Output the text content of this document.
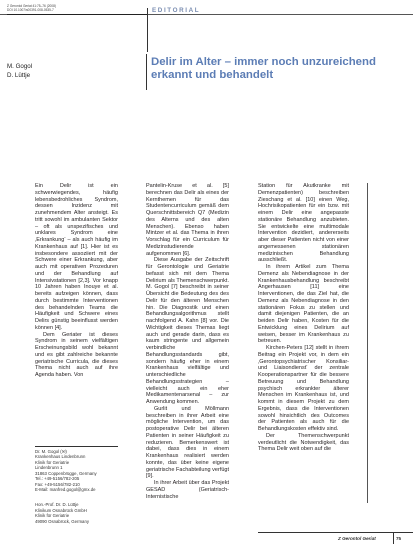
Z Gerontol Geriat 41:75–76 (2008)
DOI 10.1007/s00391-008-0535-7	EDITORIAL
M. Gogol
D. Lüttje
Delir im Alter – immer noch unzureichend erkannt und behandelt

Ein Delir ist ein schwerwiegendes, häufig lebensbedrohliches Syndrom, dessen Inzidenz mit zunehmendem Alter ansteigt. Es tritt sowohl im ambulanten Sektor – oft als unspezifisches und unklares Syndrom eine ‚Erkrankung‘ – als auch häufig im Krankenhaus auf [1]. Hier ist es insbesondere assoziiert mit der Schwere einer Erkrankung, aber auch mit operativen Prozeduren und der Behandlung auf Intensivstationen [2,3]. Vor knapp 10 Jahren haben Inouye et al. bereits aufzeigen können, dass durch bestimmte Interventionen des behandelnden Teams die Häufigkeit und Schwere eines Delirs günstig beeinflusst werden können [4].

Dem Geriater ist dieses Syndrom in seinem vielfältigen Erscheinungsbild wohl bekannt und es gibt zahlreiche bekannte geriatrische Curricula, die dieses Thema nicht auch auf ihre Agenda haben. Von

Dr. M. Gogol (✉)

Krankenhaus Lindenbrunn

Klinik für Geriatrie

Lindenbrunn 1

31863 Coppenbrügge, Germany

Tel.: +49-5156/782-205

Fax: +49-5156/782-210

E-Mail: manfred.gogol@gmx.de

Hon.-Prof. Dr. D. Lüttje

Klinikum Osnabrück GmbH

Klinik für Geriatrie

49090 Osnabrück, Germany

Pantelin-Kruse et al. [5] berechnen das Delir als eines der Kernthemen für das Studentencurriculum gemäß dem Querschnittsbereich Q7 (Medizin des Alterns und des alten Menschen). Ebenso haben Mintzer et al. das Thema in ihren Vorschlag für ein Curriculum für Medizinstudierende aufgenommen [6].

Diese Ausgabe der Zeitschrift für Gerontologie und Geriatrie befasst sich mit dem Thema Delirium als Themenschwerpunkt. M. Gogol [7] beschreibt in seiner Übersicht die Bedeutung des des Delir für den älteren Menschen hin. Die Diagnostik und einen Behandlungsalgorithmus stellt nachfolgend A. Kahn [8] vor. Die Wichtigkeit dieses Themas liegt auch und gerade darin, dass es kaum stringente und allgemein verbindliche Behandlungsstandards gibt, sondern häufig eher in einem Krankenhaus vielfältige und unterschiedliche Behandlungsstrategien – vielleicht auch ein eher Medikamentenarsenal – zur Anwendung kommen.

Gurlit und Möllmann beschreiben in ihrer Arbeit eine mögliche Intervention, um das postoperative Delir bei älteren Patienten in seiner Häufigkeit zu reduzieren. Bemerkenswert ist dabei, dass dies in einem Krankenhaus realisiert werden konnte, das über keine eigene geriatrische Fachabteilung verfügt [9].

In ihrer Arbeit über das Projekt GESAD (Geriatrisch-Internistische

Station für Akutkranke mit Demenzpatienten) beschreiben Zieschang et al. [10] einen Weg, Hochrisikopatienten für ein bzw. mit einem Delir eine angepasste stationäre Behandlung anzubieten. Sie entwickelte eine multimodale Intervention dezidiert, andererseits aber dieser Patienten nicht von einer angemessenen stationären medizinischen Behandlung ausschließt.

In ihrem Artikel zum Thema Demenz als Nebendiagnose in der Krankenhausbehandlung beschreibt Angerhausen [11] eine Interventionen, die das Ziel hat, die Demenz als Nebendiagnose in den stationären Fokus zu stellen und damit diejenigen Patienten, die an beiden Delir haben, Kosten für die Entwicklung eines Delirium auf weisen, besser im Krankenhaus zu betreuen.

Kirchen-Peters [12] stellt in ihrem Beitrag ein Projekt vor, in dem ein ‚Gerontopsychiatrischer Konsiliar- und Liaisondienst‘ der zentrale Kooperationspartner für die bessere Betreuung und Behandlung psychisch erkrankter älterer Menschen im Krankenhaus ist, und kommt in diesem Projekt zu dem Ergebnis, dass die Interventionen sowohl hinsichtlich des Outcomes der Patienten als auch für die Behandlungskosten effektiv sind.

Der Themenschwerpunkt verdeutlicht die Notwendigkeit, das Thema Delir weit oben auf die

Z Gerontol Geriat	75
